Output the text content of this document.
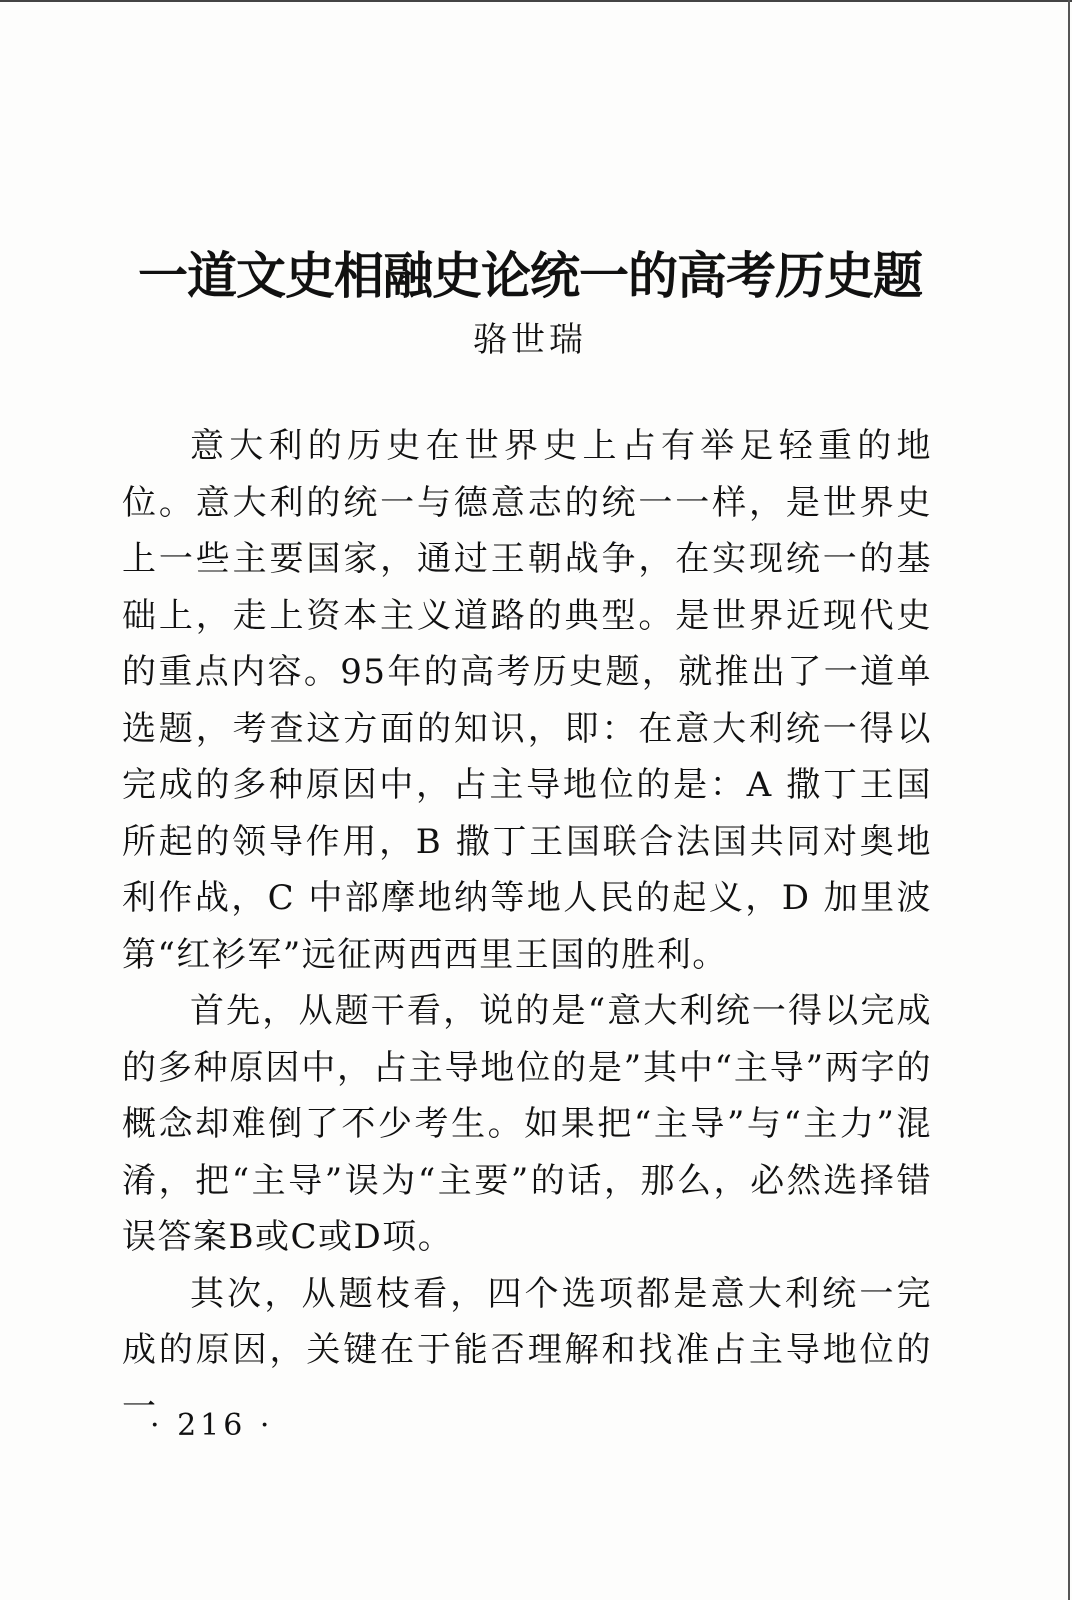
一道文史相融史论统一的高考历史题
骆世瑞

意大利的历史在世界史上占有举足轻重的地位。意大利的统一与德意志的统一一样，是世界史上一些主要国家，通过王朝战争，在实现统一的基础上，走上资本主义道路的典型。是世界近现代史的重点内容。95年的高考历史题，就推出了一道单选题，考查这方面的知识，即：在意大利统一得以完成的多种原因中，占主导地位的是：A 撒丁王国所起的领导作用，B 撒丁王国联合法国共同对奥地利作战，C 中部摩地纳等地人民的起义，D 加里波第“红衫军”远征两西西里王国的胜利。

首先，从题干看，说的是“意大利统一得以完成的多种原因中，占主导地位的是”其中“主导”两字的概念却难倒了不少考生。如果把“主导”与“主力”混淆，把“主导”误为“主要”的话，那么，必然选择错误答案B或C或D项。

其次，从题枝看，四个选项都是意大利统一完成的原因，关键在于能否理解和找准占主导地位的一

· 216 ·
